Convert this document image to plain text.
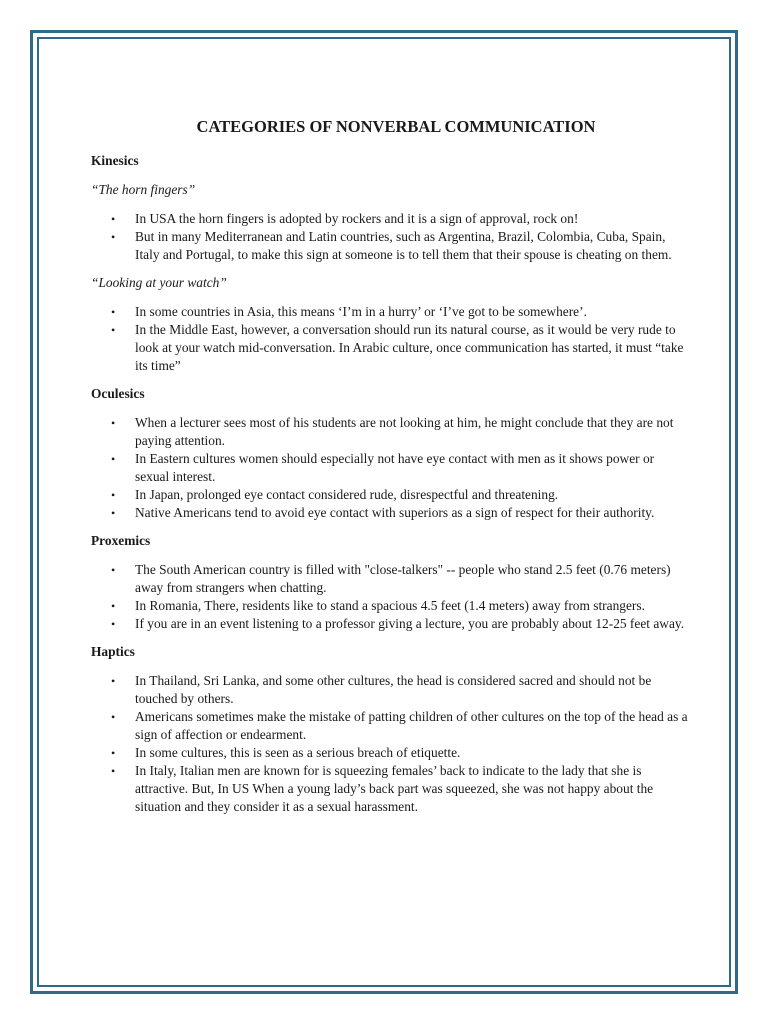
CATEGORIES OF NONVERBAL COMMUNICATION
Kinesics
“The horn fingers”
• In USA the horn fingers is adopted by rockers and it is a sign of approval, rock on!
• But in many Mediterranean and Latin countries, such as Argentina, Brazil, Colombia, Cuba, Spain, Italy and Portugal, to make this sign at someone is to tell them that their spouse is cheating on them.
“Looking at your watch”
• In some countries in Asia, this means ‘I’m in a hurry’ or ‘I’ve got to be somewhere’.
• In the Middle East, however, a conversation should run its natural course, as it would be very rude to look at your watch mid-conversation. In Arabic culture, once communication has started, it must “take its time”
Oculesics
• When a lecturer sees most of his students are not looking at him, he might conclude that they are not paying attention.
• In Eastern cultures women should especially not have eye contact with men as it shows power or sexual interest.
• In Japan, prolonged eye contact considered rude, disrespectful and threatening.
• Native Americans tend to avoid eye contact with superiors as a sign of respect for their authority.
Proxemics
• The South American country is filled with "close-talkers" -- people who stand 2.5 feet (0.76 meters) away from strangers when chatting.
• In Romania, There, residents like to stand a spacious 4.5 feet (1.4 meters) away from strangers.
• If you are in an event listening to a professor giving a lecture, you are probably about 12-25 feet away.
Haptics
• In Thailand, Sri Lanka, and some other cultures, the head is considered sacred and should not be touched by others.
• Americans sometimes make the mistake of patting children of other cultures on the top of the head as a sign of affection or endearment.
• In some cultures, this is seen as a serious breach of etiquette.
• In Italy, Italian men are known for is squeezing females’ back to indicate to the lady that she is attractive. But, In US When a young lady’s back part was squeezed, she was not happy about the situation and they consider it as a sexual harassment.
